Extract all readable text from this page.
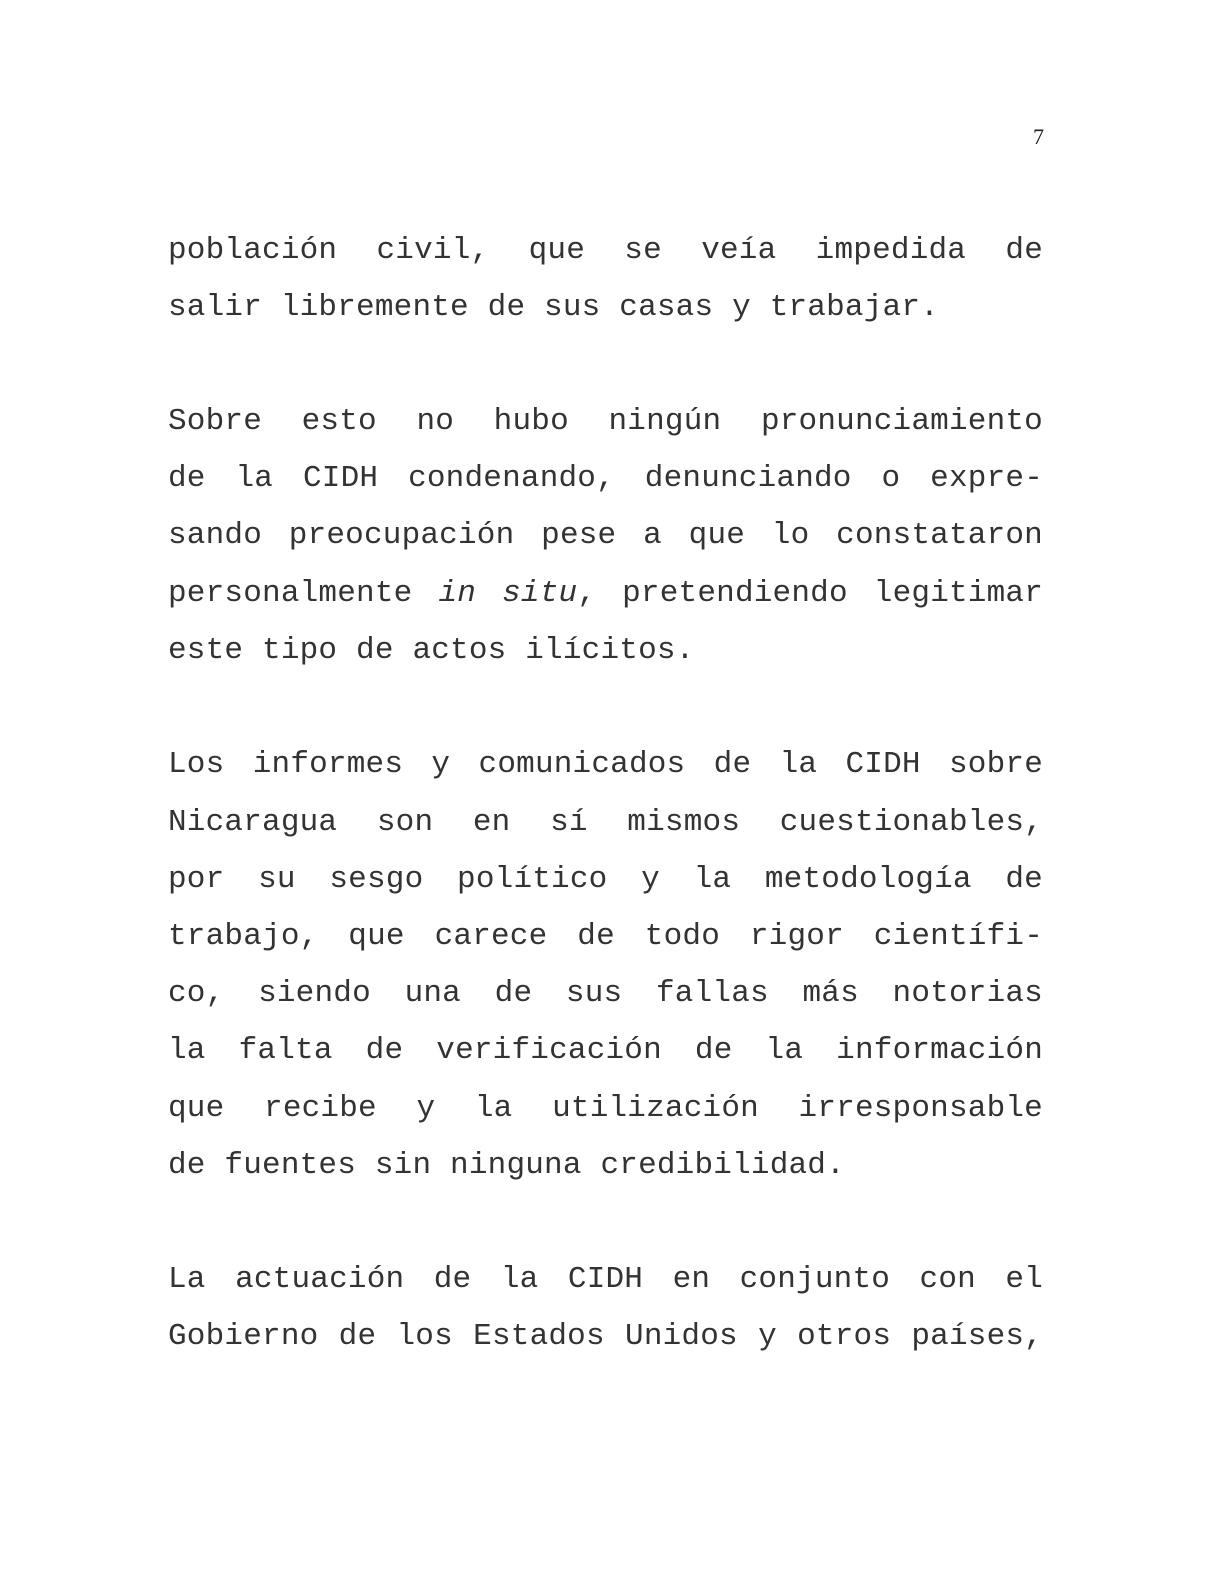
7
población civil, que se veía impedida de
salir libremente de sus casas y trabajar.
Sobre esto no hubo ningún pronunciamiento
de la CIDH condenando, denunciando o expre-
sando preocupación pese a que lo constataron
personalmente in situ, pretendiendo legitimar
este tipo de actos ilícitos.
Los informes y comunicados de la CIDH sobre
Nicaragua son en sí mismos cuestionables,
por su sesgo político y la metodología de
trabajo, que carece de todo rigor científi-
co, siendo una de sus fallas más notorias
la falta de verificación de la información
que recibe y la utilización irresponsable
de fuentes sin ninguna credibilidad.
La actuación de la CIDH en conjunto con el
Gobierno de los Estados Unidos y otros países,
